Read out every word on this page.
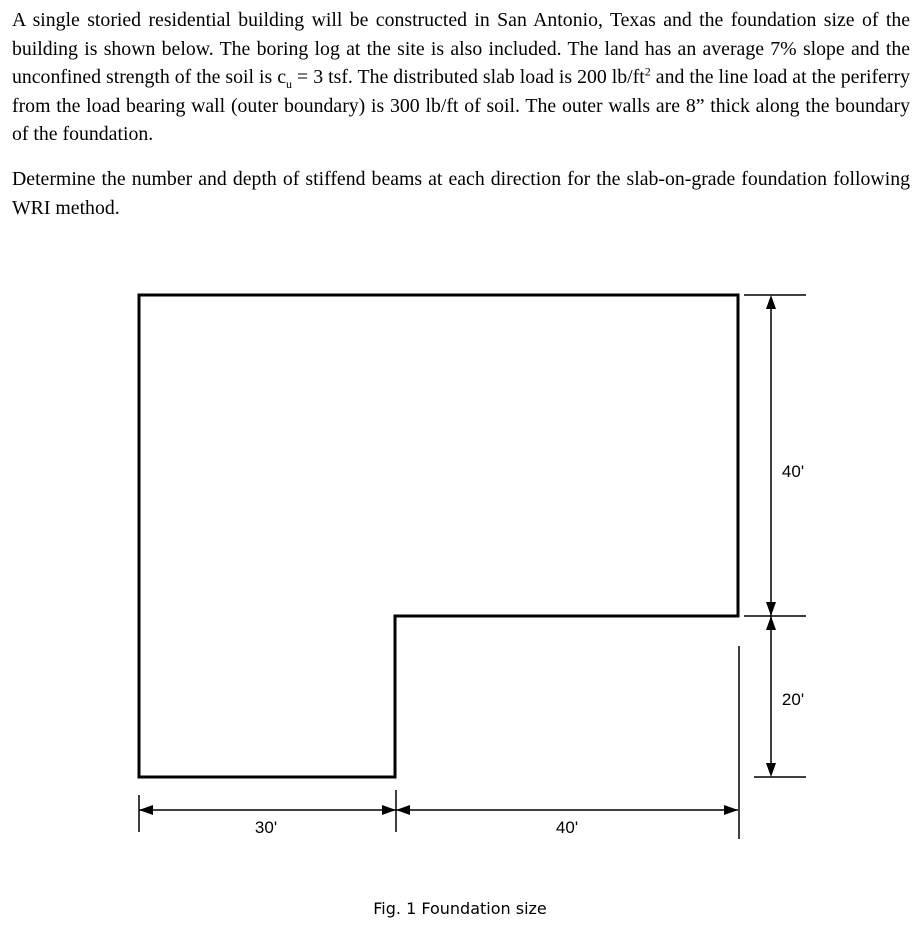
A single storied residential building will be constructed in San Antonio, Texas and the foundation size of the building is shown below. The boring log at the site is also included. The land has an average 7% slope and the unconfined strength of the soil is $c_u = 3$ tsf. The distributed slab load is 200 $lb/ft^2$ and the line load at the periferry from the load bearing wall (outer boundary) is 300 lb/ft of soil. The outer walls are 8” thick along the boundary of the foundation.

Determine the number and depth of stiffend beams at each direction for the slab-on-grade foundation following WRI method.

40'
20'
30'	40'
Fig. 1 Foundation size
